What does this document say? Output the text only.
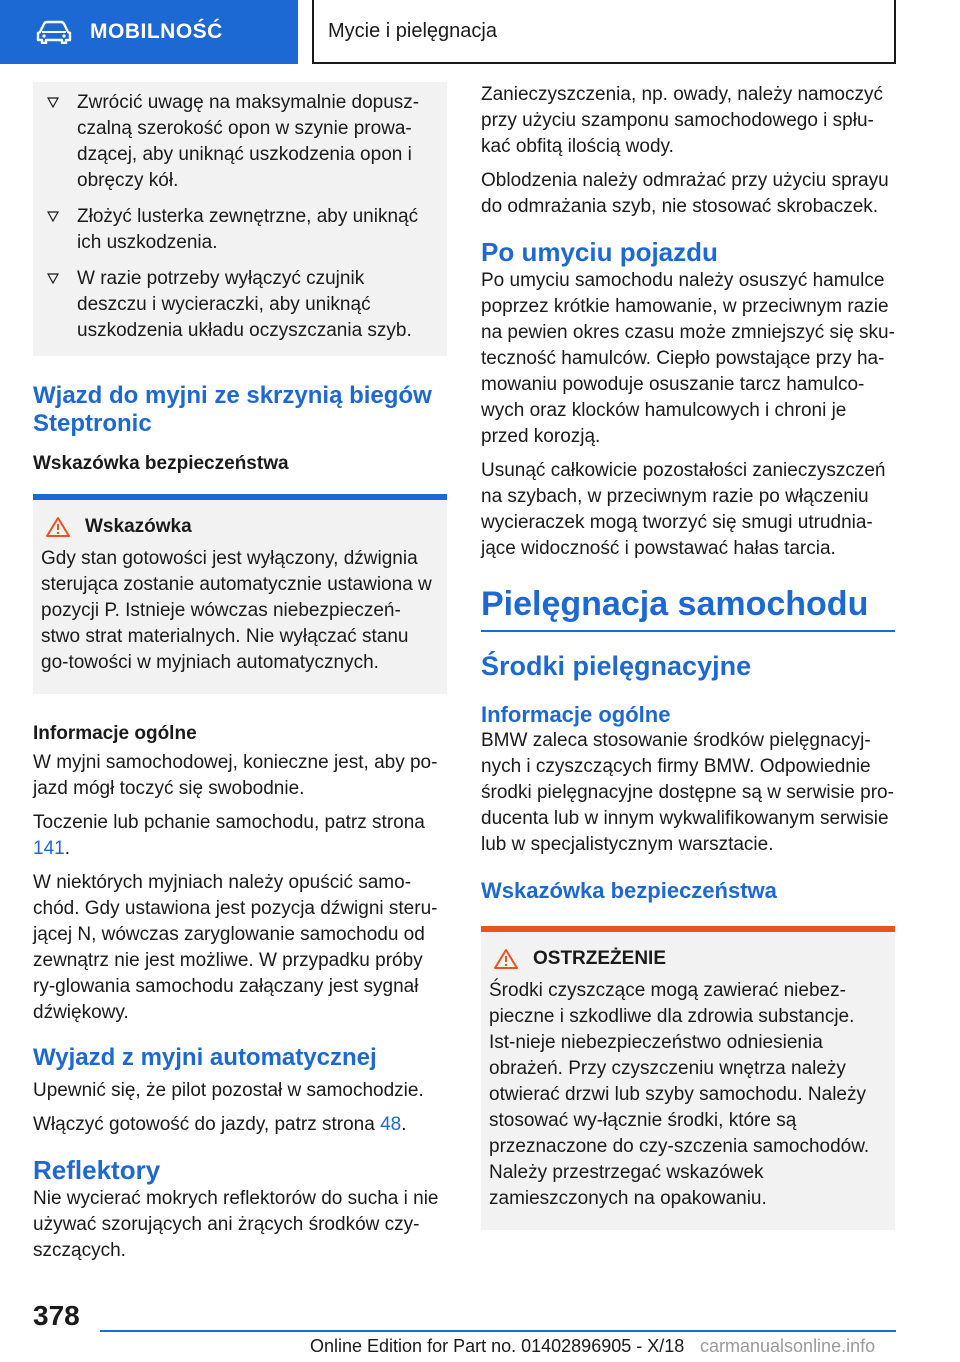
MOBILNOŚĆ	Mycie i pielęgnacja
Zwrócić uwagę na maksymalnie dopusz-czalną szerokość opon w szynie prowa-dzącej, aby uniknąć uszkodzenia opon i obręczy kół.
Złożyć lusterka zewnętrzne, aby uniknąć ich uszkodzenia.
W razie potrzeby wyłączyć czujnik deszczu i wycieraczki, aby uniknąć uszkodzenia układu oczyszczania szyb.
Wjazd do myjni ze skrzynią biegów Steptronic
Wskazówka bezpieczeństwa
Wskazówka

Gdy stan gotowości jest wyłączony, dźwignia sterująca zostanie automatycznie ustawiona w pozycji P. Istnieje wówczas niebezpieczeń-stwo strat materialnych. Nie wyłączać stanu go-towości w myjniach automatycznych.

Informacje ogólne

W myjni samochodowej, konieczne jest, aby po-jazd mógł toczyć się swobodnie.

Toczenie lub pchanie samochodu, patrz strona 141.

W niektórych myjniach należy opuścić samo-chód. Gdy ustawiona jest pozycja dźwigni steru-jącej N, wówczas zaryglowanie samochodu od zewnątrz nie jest możliwe. W przypadku próby ry-glowania samochodu załączany jest sygnał dźwiękowy.

Wyjazd z myjni automatycznej

Upewnić się, że pilot pozostał w samochodzie.

Włączyć gotowość do jazdy, patrz strona 48.

Reflektory

Nie wycierać mokrych reflektorów do sucha i nie używać szorujących ani żrących środków czy-szczących.

Zanieczyszczenia, np. owady, należy namoczyć przy użyciu szamponu samochodowego i spłu-kać obfitą ilością wody.

Oblodzenia należy odmrażać przy użyciu sprayu do odmrażania szyb, nie stosować skrobaczek.

Po umyciu pojazdu

Po umyciu samochodu należy osuszyć hamulce poprzez krótkie hamowanie, w przeciwnym razie na pewien okres czasu może zmniejszyć się sku-teczność hamulców. Ciepło powstające przy ha-mowaniu powoduje osuszanie tarcz hamulco-wych oraz klocków hamulcowych i chroni je przed korozją.

Usunąć całkowicie pozostałości zanieczyszczeń na szybach, w przeciwnym razie po włączeniu wycieraczek mogą tworzyć się smugi utrudnia-jące widoczność i powstawać hałas tarcia.

Pielęgnacja samochodu
Środki pielęgnacyjne
Informacje ogólne

BMW zaleca stosowanie środków pielęgnacyj-nych i czyszczących firmy BMW. Odpowiednie środki pielęgnacyjne dostępne są w serwisie pro-ducenta lub w innym wykwalifikowanym serwisie lub w specjalistycznym warsztacie.

Wskazówka bezpieczeństwa
OSTRZEŻENIE

Środki czyszczące mogą zawierać niebez-pieczne i szkodliwe dla zdrowia substancje. Ist-nieje niebezpieczeństwo odniesienia obrażeń. Przy czyszczeniu wnętrza należy otwierać drzwi lub szyby samochodu. Należy stosować wy-łącznie środki, które są przeznaczone do czy-szczenia samochodów. Należy przestrzegać wskazówek zamieszczonych na opakowaniu.

378
Online Edition for Part no. 01402896905 - X/18 carmanualsonline.info
